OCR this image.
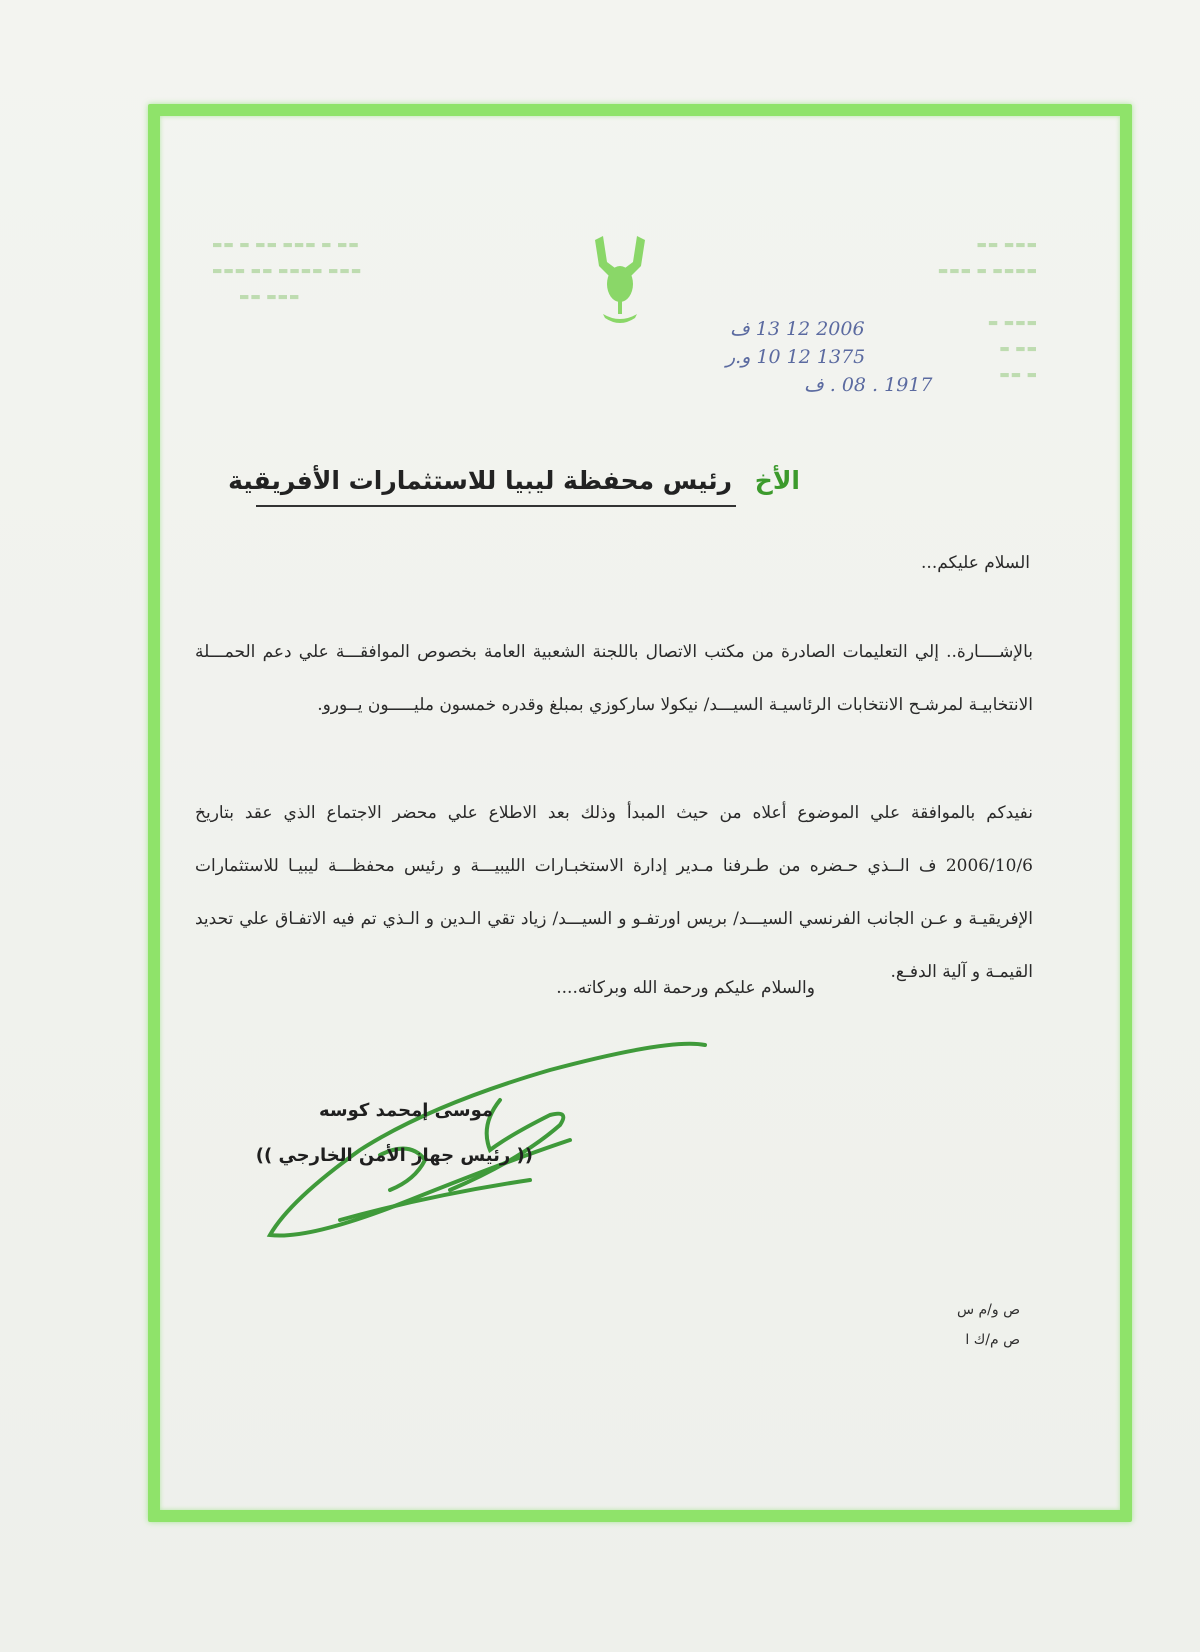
▬▬ ▬ ▬▬ ▬▬▬ ▬ ▬▬
▬▬▬ ▬▬ ▬▬▬▬ ▬▬▬
▬▬ ▬▬▬
▬▬ ▬▬▬
▬▬▬ ▬ ▬▬▬▬

▬ ▬▬▬
▬ ▬▬
▬▬ ▬
2006 12 13 ف
1375 12 10 و.ر
1917 . 08 . ف
الأخ رئيس محفظة ليبيا للاستثمارات الأفريقية
السلام عليكم...
بالإشــــارة.. إلي التعليمات الصادرة من مكتب الاتصال باللجنة الشعبية العامة بخصوص الموافقـــة علي دعم الحمـــلة الانتخابيـة لمرشـح الانتخابات الرئاسيـة السيـــد/ نيكولا ساركوزي بمبلغ وقدره خمسون مليـــــون يــورو.
نفيدكم بالموافقة علي الموضوع أعلاه من حيث المبدأ وذلك بعد الاطلاع علي محضر الاجتماع الذي عقد بتاريخ 2006/10/6 ف الــذي حـضره من طـرفنا مـدير إدارة الاستخبـارات الليبيـــة و رئيس محفظـــة ليبيـا للاستثمارات الإفريقيـة و عـن الجانب الفرنسي السيـــد/ بريس اورتفـو و السيـــد/ زياد تقي الـدين و الـذي تم فيه الاتفـاق علي تحديد القيمـة و آلية الدفـع.
والسلام عليكم ورحمة الله وبركاته....
موسى إمحمد كوسه
(( رئيس جهاز الأمن الخارجي ))
ص و/م س
ص م/ك ا
